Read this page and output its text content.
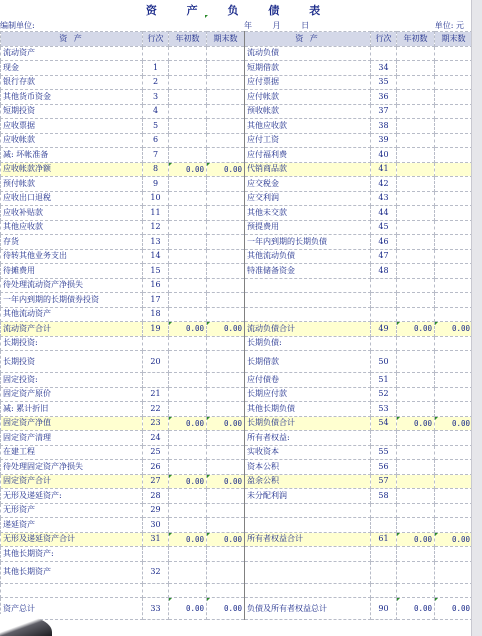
资 产 负 债 表
编制单位:	年 月 日	单位: 元
资 产	行次	年初数	期末数	资 产	行次	年初数	期末数
流动资产				流动负债			
现金	1			短期借款	34		
银行存款	2			应付票据	35		
其他货币资金	3			应付帐款	36		
短期投资	4			预收帐款	37		
应收票据	5			其他应收款	38		
应收帐款	6			应付工资	39		
减: 坏帐准备	7			应付福利费	40		
应收帐款净额	8	0.00	0.00	代销商品款	41		
预付帐款	9			应交税金	42		
应收出口退税	10			应交利润	43		
应收补贴款	11			其他未交款	44		
其他应收款	12			预提费用	45		
存货	13			一年内到期的长期负债	46		
待转其他业务支出	14			其他流动负债	47		
待摊费用	15			特准储备资金	48		
待处理流动资产净损失	16						
一年内到期的长期债券投资	17						
其他流动资产	18						
流动资产合计	19	0.00	0.00	流动负债合计	49	0.00	0.00

长期投资:				长期负债:			
长期投资	20			长期借款	50		
固定投资:				应付债卷	51		
固定资产原价	21			长期应付款	52		
减: 累计折旧	22			其他长期负债	53		
固定资产净值	23	0.00	0.00	长期负债合计	54	0.00	0.00

固定资产清理	24			所有者权益:			
在建工程	25			实收资本	55		
待处理固定资产净损失	26			资本公积	56		
固定资产合计	27	0.00	0.00	盈余公积	57		
无形及递延资产:	28			未分配利润	58		
无形资产	29						
递延资产	30						
无形及递延资产合计	31	0.00	0.00	所有者权益合计	61	0.00	0.00

其他长期资产:							
其他长期资产	32						

资产总计	33	0.00	0.00	负债及所有者权益总计	90	0.00	0.00
